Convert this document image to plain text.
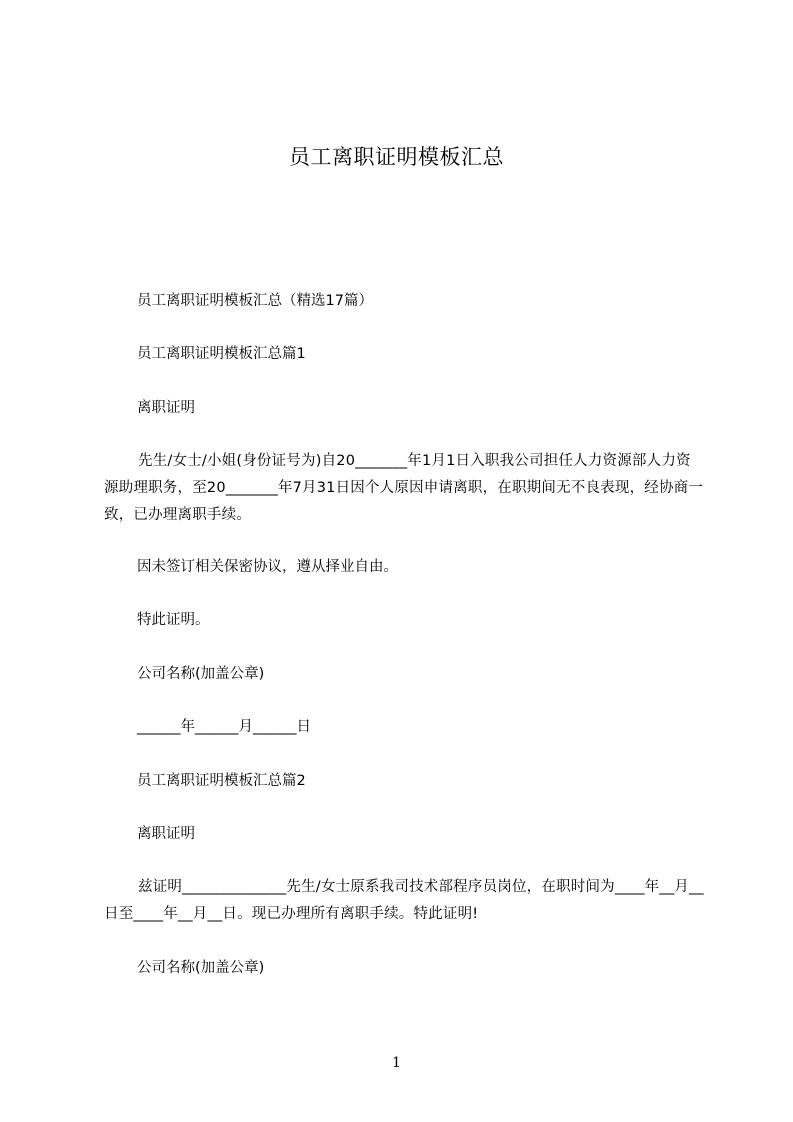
员工离职证明模板汇总

员工离职证明模板汇总（精选17篇）

员工离职证明模板汇总篇1

离职证明

先生/女士/小姐(身份证号为)自20_______年1月1日入职我公司担任人力资源部人力资源助理职务，至20_______年7月31日因个人原因申请离职，在职期间无不良表现，经协商一致，已办理离职手续。

因未签订相关保密协议，遵从择业自由。

特此证明。

公司名称(加盖公章)

______年______月______日

员工离职证明模板汇总篇2

离职证明

兹证明______________先生/女士原系我司技术部程序员岗位，在职时间为____年__月__日至____年__月__日。现已办理所有离职手续。特此证明!

公司名称(加盖公章)

1
